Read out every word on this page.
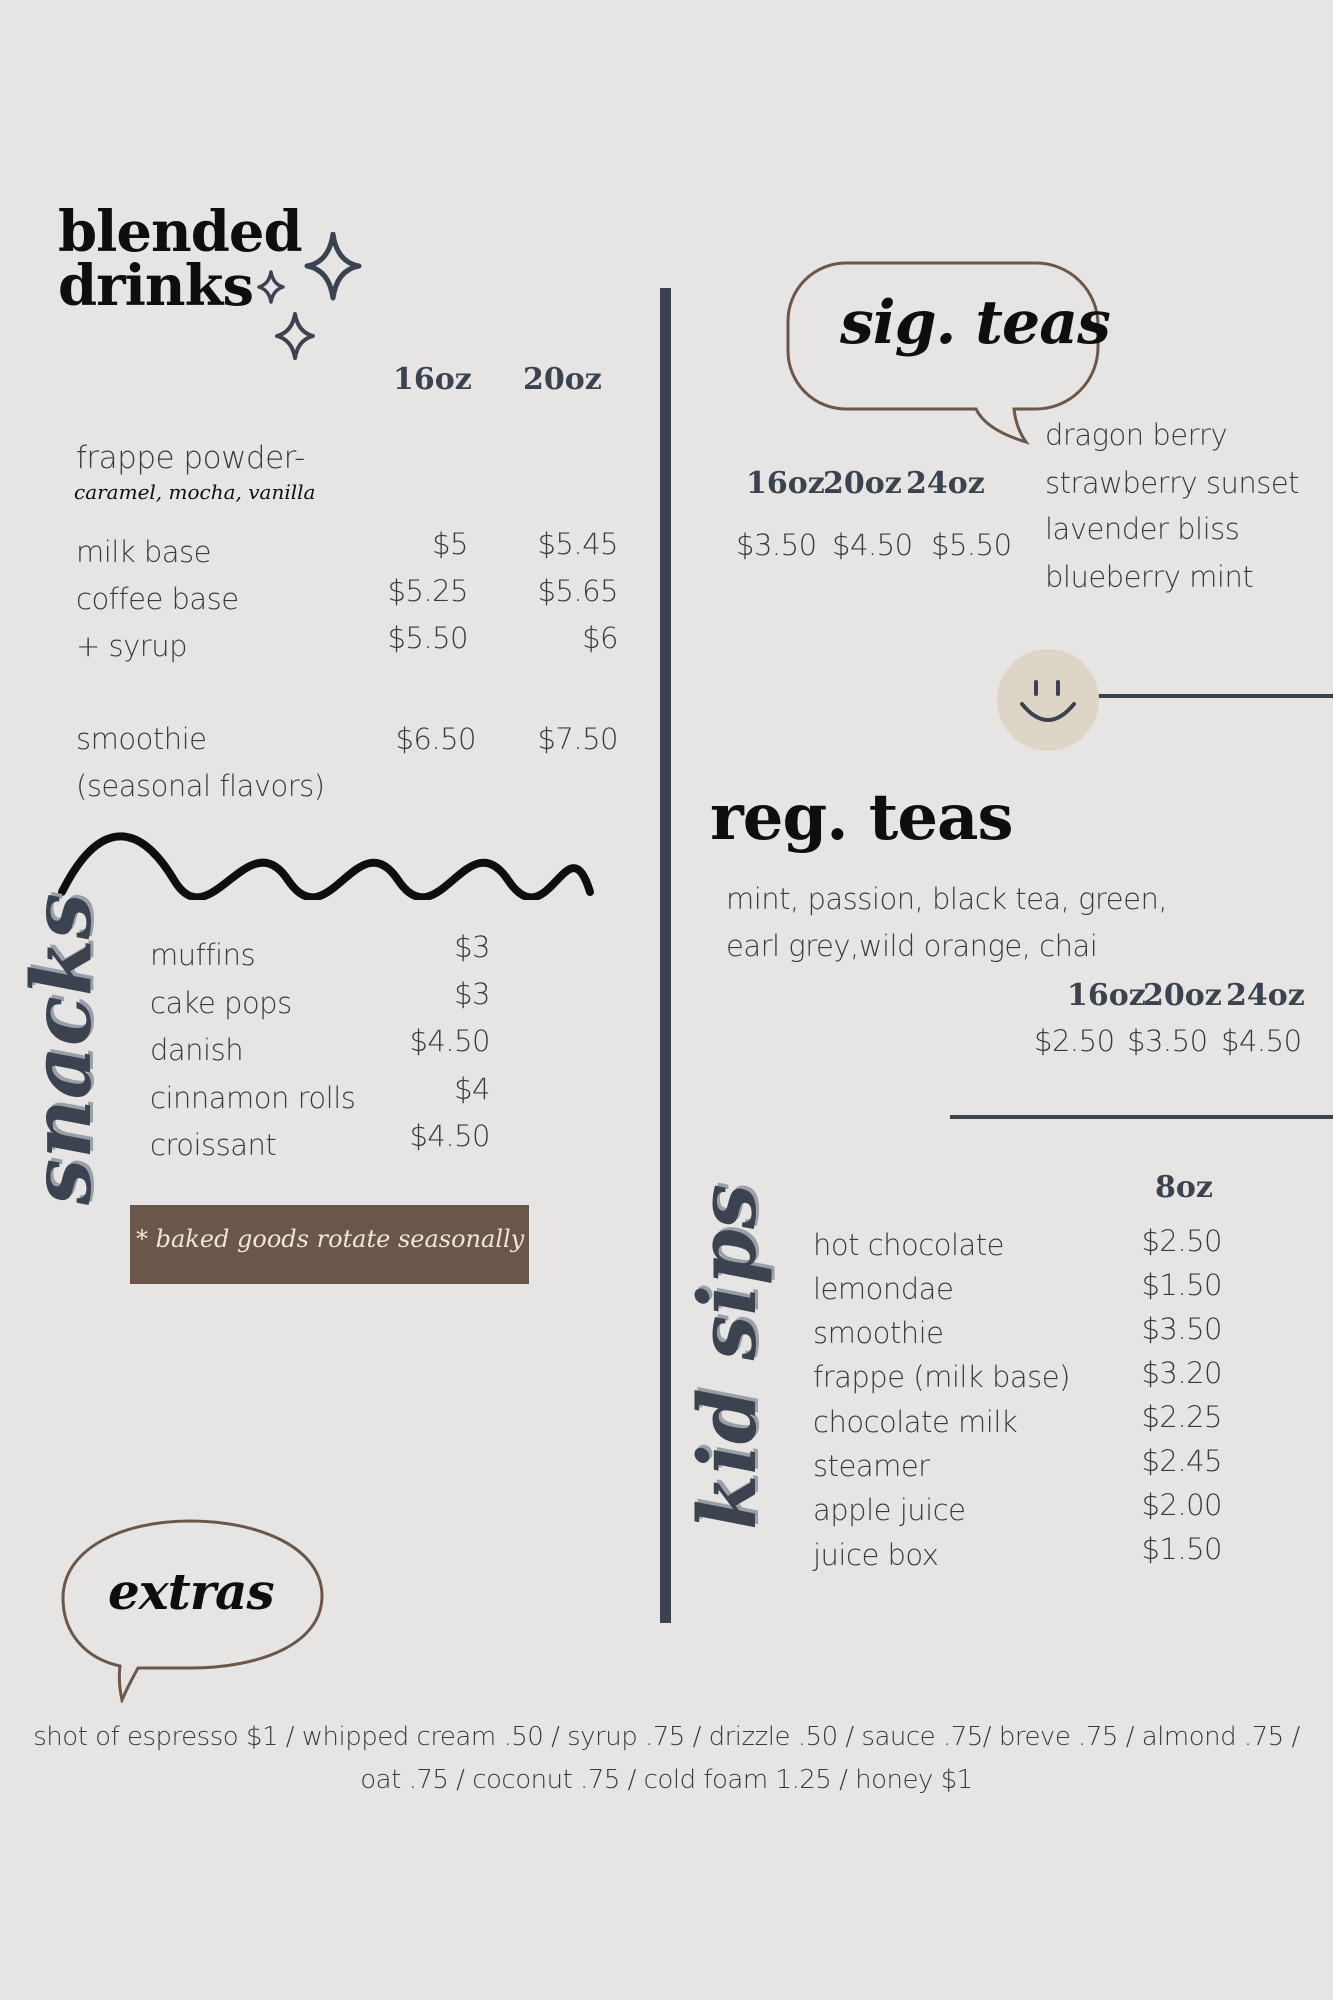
blended
drinks
16oz 20oz
frappe powder-
caramel, mocha, vanilla
milk base	$5	$5.45
coffee base	$5.25	$5.65
+ syrup	$5.50	$6
smoothie
(seasonal flavors)
$6.50	$7.50
snacks muffins	$3
cake pops	$3
danish	$4.50
cinnamon rolls	$4
croissant	$4.50
* baked goods rotate seasonally
sig. teas
16oz
20oz 24oz
$3.50 $4.50 $5.50
dragon berry
strawberry sunset
lavender bliss
blueberry mint
reg. teas
mint, passion, black tea, green,
earl grey,wild orange, chai
16oz
20oz 24oz
$2.50 $3.50 $4.50
kid sips	8oz
hot chocolate	$2.50
lemondae	$1.50
smoothie	$3.50
frappe (milk base)	$3.20
chocolate milk	$2.25
steamer	$2.45
apple juice	$2.00
juice box	$1.50
extras
shot of espresso $1 / whipped cream .50 / syrup .75 / drizzle .50 / sauce .75/ breve .75 / almond .75 /
oat .75 / coconut .75 / cold foam 1.25 / honey $1
